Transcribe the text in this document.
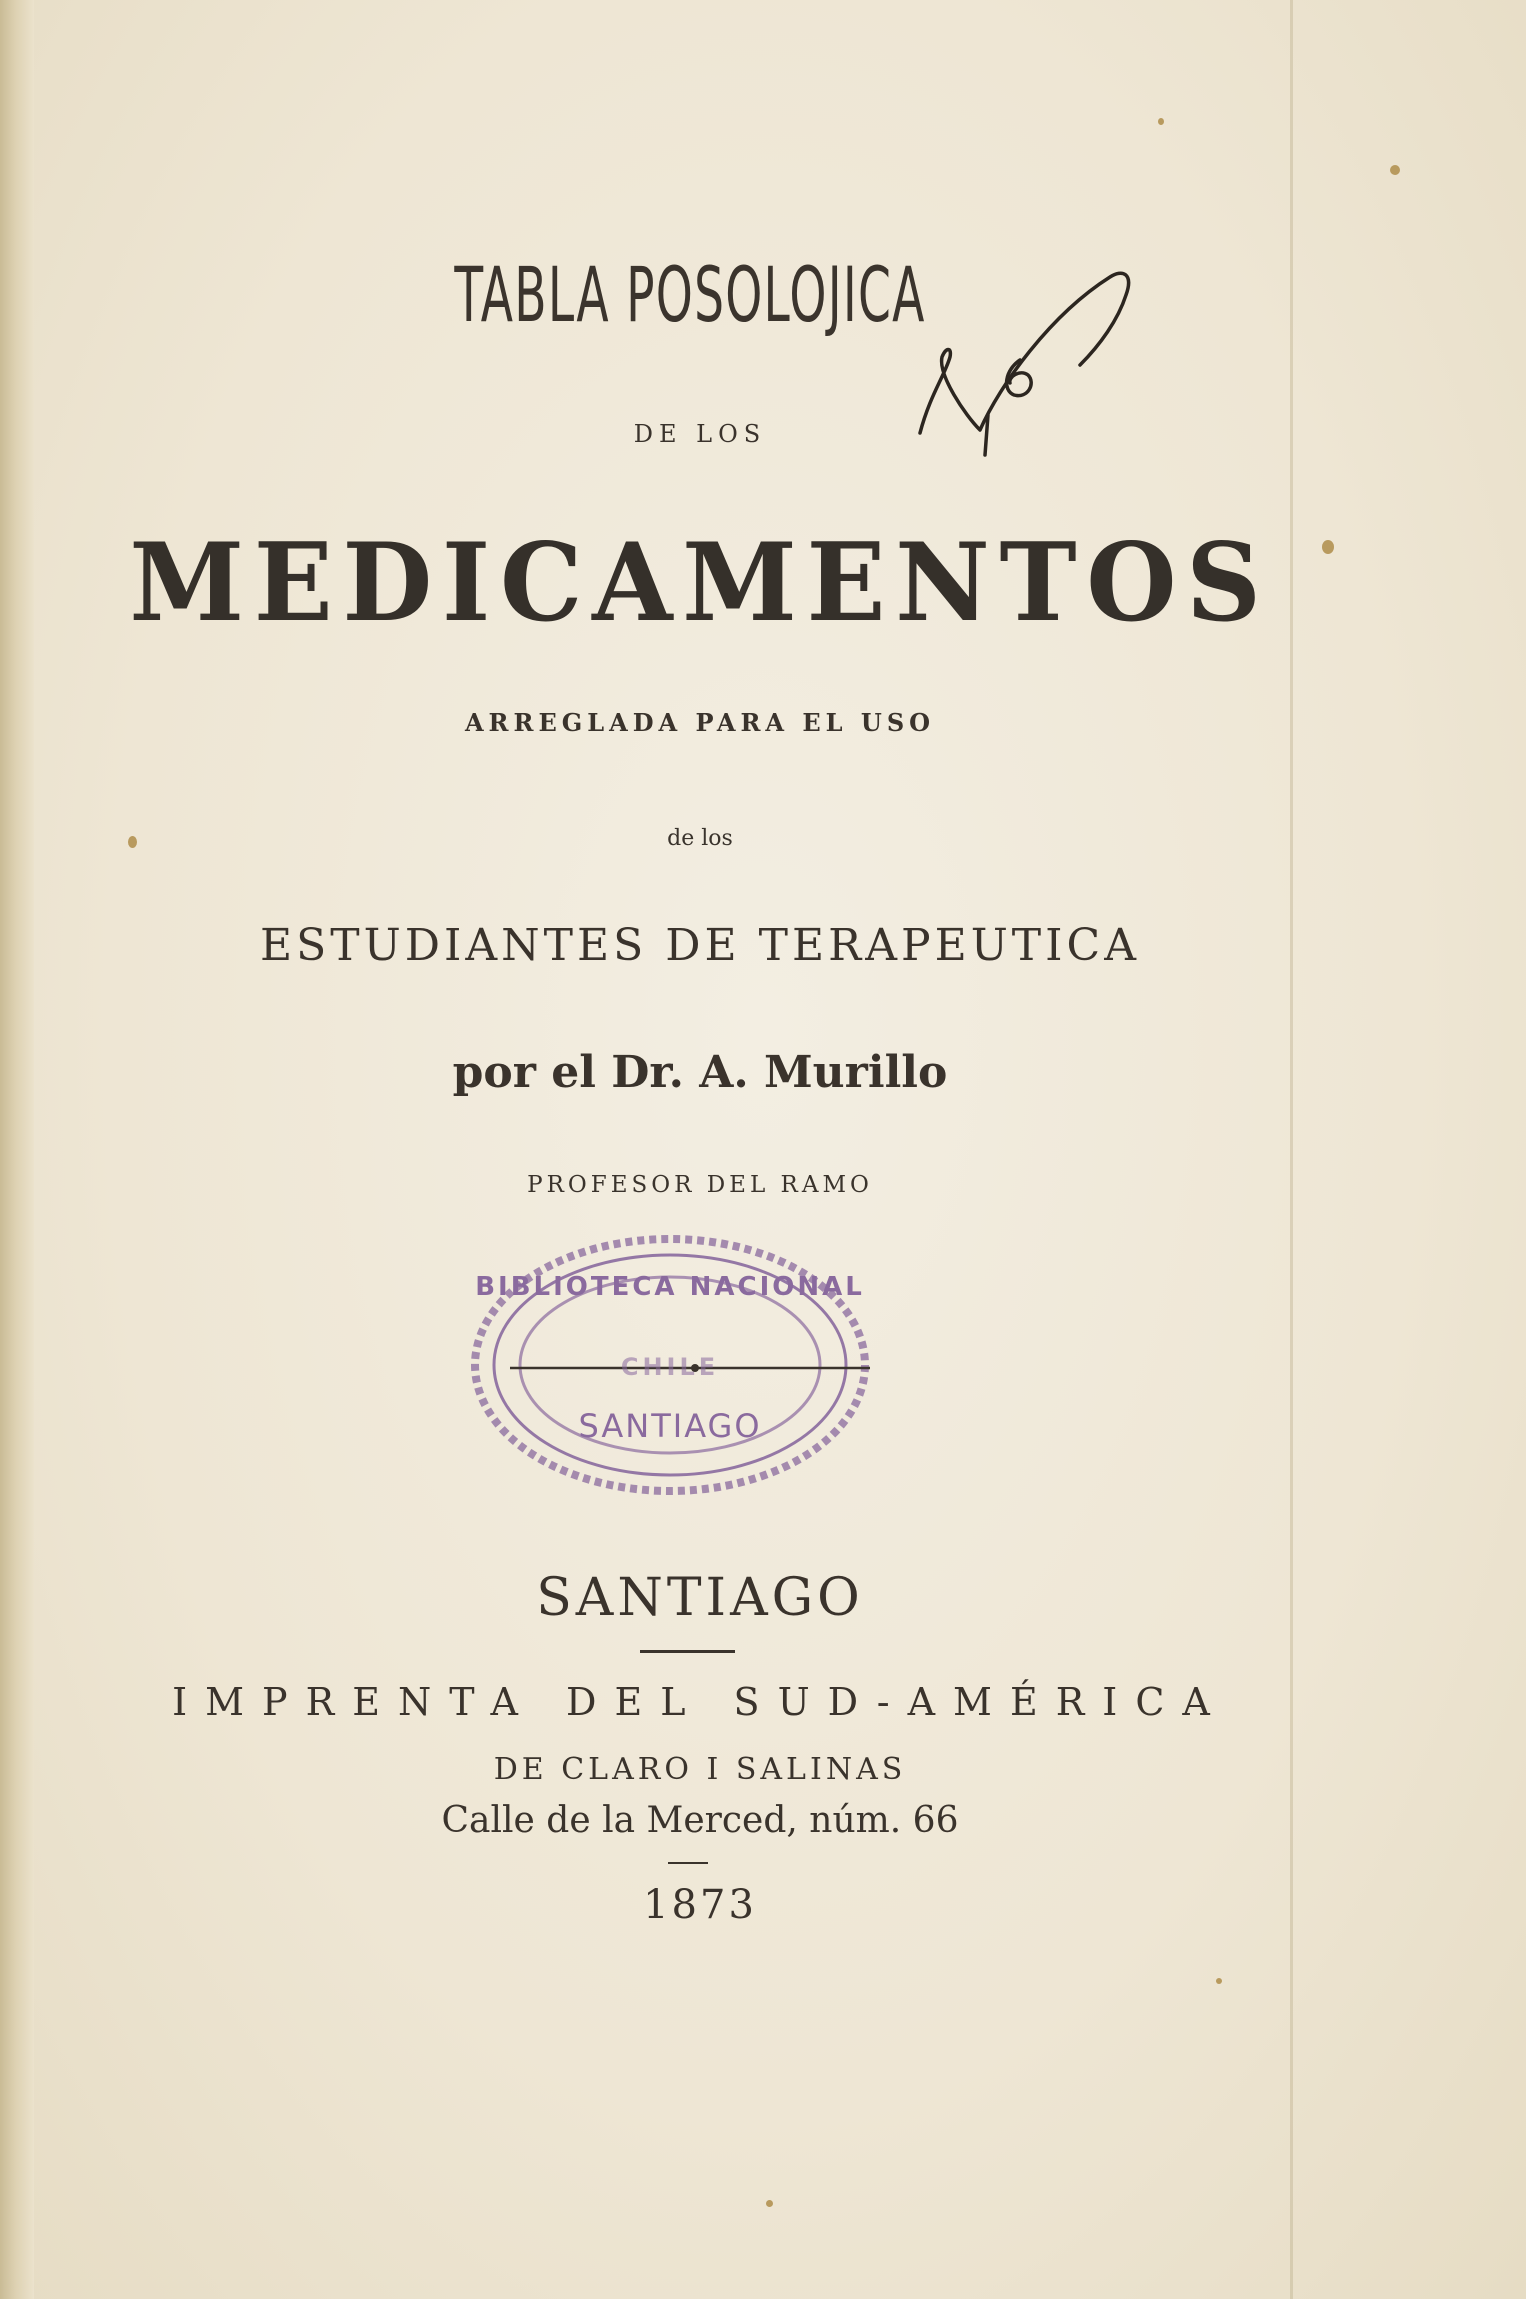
TABLA POSOLOJICA

DE LOS

MEDICAMENTOS

ARREGLADA PARA EL USO

de los

ESTUDIANTES DE TERAPEUTICA

por el Dr. A. Murillo

PROFESOR DEL RAMO

BIBLIOTECA NACIONAL
CHILE
SANTIAGO

SANTIAGO

IMPRENTA DEL SUD-AMÉRICA

DE CLARO I SALINAS

Calle de la Merced, núm. 66

1873
